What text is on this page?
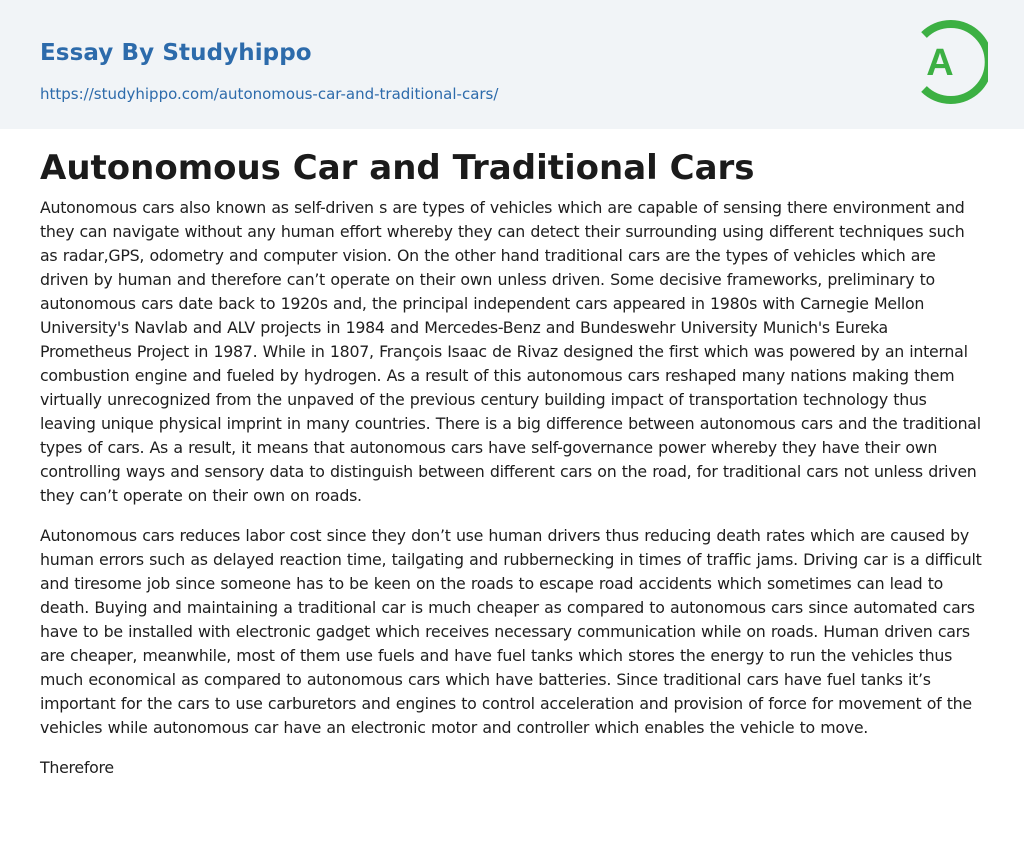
Essay By Studyhippo
https://studyhippo.com/autonomous-car-and-traditional-cars/
A
Autonomous Car and Traditional Cars

Autonomous cars also known as self-driven s are types of vehicles which are capable of sensing there environment and they can navigate without any human effort whereby they can detect their surrounding using different techniques such as radar,GPS, odometry and computer vision. On the other hand traditional cars are the types of vehicles which are driven by human and therefore can’t operate on their own unless driven. Some decisive frameworks, preliminary to autonomous cars date back to 1920s and, the principal independent cars appeared in 1980s with Carnegie Mellon University's Navlab and ALV projects in 1984 and Mercedes-Benz and Bundeswehr University Munich's Eureka Prometheus Project in 1987. While in 1807, François Isaac de Rivaz designed the first which was powered by an internal combustion engine and fueled by hydrogen. As a result of this autonomous cars reshaped many nations making them virtually unrecognized from the unpaved of the previous century building impact of transportation technology thus leaving unique physical imprint in many countries. There is a big difference between autonomous cars and the traditional types of cars. As a result, it means that autonomous cars have self-governance power whereby they have their own controlling ways and sensory data to distinguish between different cars on the road, for traditional cars not unless driven they can’t operate on their own on roads.

Autonomous cars reduces labor cost since they don’t use human drivers thus reducing death rates which are caused by human errors such as delayed reaction time, tailgating and rubbernecking in times of traffic jams. Driving car is a difficult and tiresome job since someone has to be keen on the roads to escape road accidents which sometimes can lead to death. Buying and maintaining a traditional car is much cheaper as compared to autonomous cars since automated cars have to be installed with electronic gadget which receives necessary communication while on roads. Human driven cars are cheaper, meanwhile, most of them use fuels and have fuel tanks which stores the energy to run the vehicles thus much economical as compared to autonomous cars which have batteries. Since traditional cars have fuel tanks it’s important for the cars to use carburetors and engines to control acceleration and provision of force for movement of the vehicles while autonomous car have an electronic motor and controller which enables the vehicle to move.

Therefore
